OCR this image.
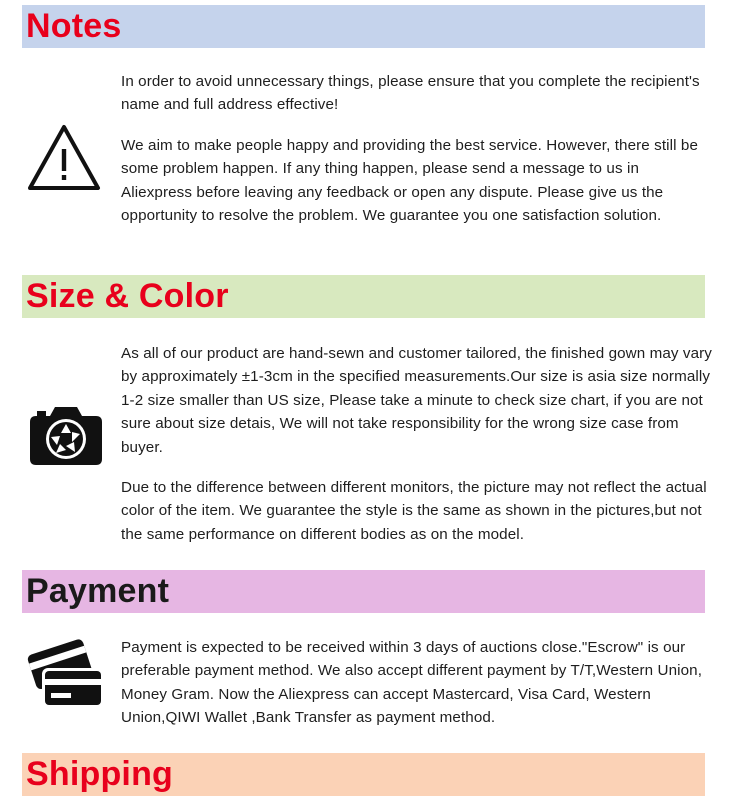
Notes

In order to avoid unnecessary things, please ensure that you complete the recipient's name and full address effective!

We aim to make people happy and providing the best service. However, there still be some problem happen. If any thing happen, please send a message to us in Aliexpress before leaving any feedback or open any dispute. Please give us the opportunity to resolve the problem. We guarantee you one satisfaction solution.

Size & Color

As all of our product are hand-sewn and customer tailored, the finished gown may vary by approximately ±1-3cm in the specified measurements.Our size is asia size normally 1-2 size smaller than US size, Please take a minute to check size chart, if you are not sure about size detais, We will not take responsibility for the wrong size case from buyer.

Due to the difference between different monitors, the picture may not reflect the actual color of the item. We guarantee the style is the same as shown in the pictures,but not the same performance on different bodies as on the model.

Payment

Payment is expected to be received within 3 days of auctions close."Escrow" is our preferable payment method. We also accept different payment by T/T,Western Union, Money Gram. Now the Aliexpress can accept Mastercard, Visa Card, Western Union,QIWI Wallet ,Bank Transfer as payment method.

Shipping
